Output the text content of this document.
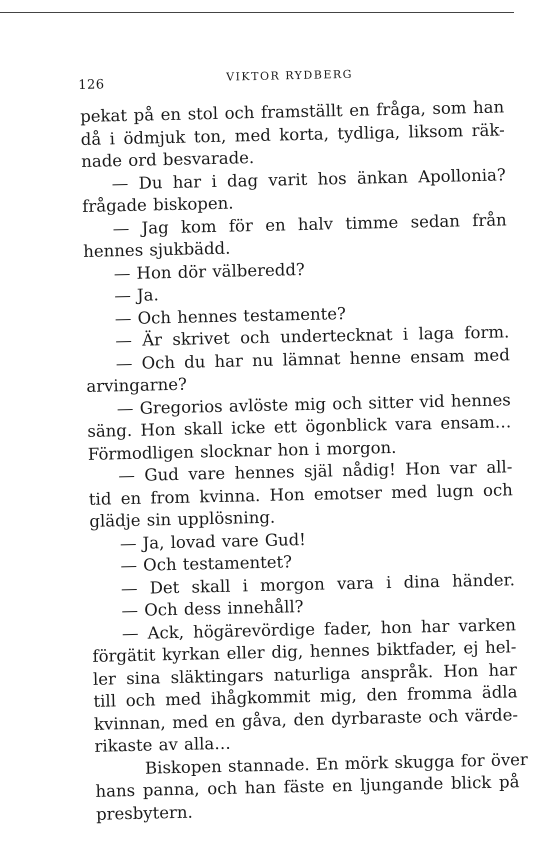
126
VIKTOR RYDBERG
pekat på en stol och framställt en fråga, som han
då i ödmjuk ton, med korta, tydliga, liksom räk-
nade ord besvarade.
— Du har i dag varit hos änkan Apollonia?
frågade biskopen.
— Jag kom för en halv timme sedan från
hennes sjukbädd.
— Hon dör välberedd?
— Ja.
— Och hennes testamente?
— Är skrivet och undertecknat i laga form.
— Och du har nu lämnat henne ensam med
arvingarne?
— Gregorios avlöste mig och sitter vid hennes
säng. Hon skall icke ett ögonblick vara ensam…
Förmodligen slocknar hon i morgon.
— Gud vare hennes själ nådig! Hon var all-
tid en from kvinna. Hon emotser med lugn och
glädje sin upplösning.
— Ja, lovad vare Gud!
— Och testamentet?
— Det skall i morgon vara i dina händer.
— Och dess innehåll?
— Ack, högärevördige fader, hon har varken
förgätit kyrkan eller dig, hennes biktfader, ej hel-
ler sina släktingars naturliga anspråk. Hon har
till och med ihågkommit mig, den fromma ädla
kvinnan, med en gåva, den dyrbaraste och värde-
rikaste av alla…
Biskopen stannade. En mörk skugga for över
hans panna, och han fäste en ljungande blick på
presbytern.
